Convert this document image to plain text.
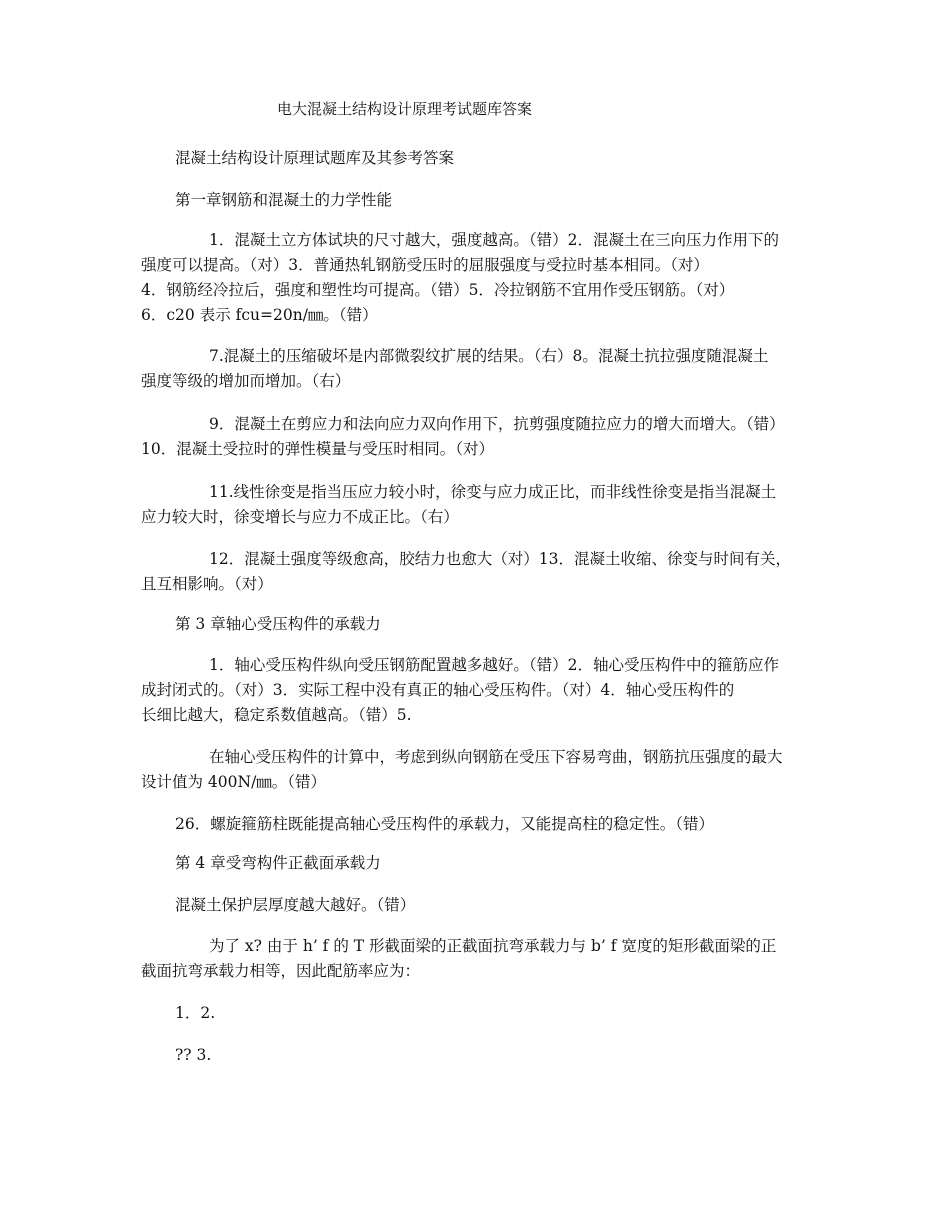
电大混凝土结构设计原理考试题库答案

混凝土结构设计原理试题库及其参考答案

第一章钢筋和混凝土的力学性能

1．混凝土立方体试块的尺寸越大，强度越高。（错）2．混凝土在三向压力作用下的
强度可以提高。（对）3．普通热轧钢筋受压时的屈服强度与受拉时基本相同。（对）
4．钢筋经冷拉后，强度和塑性均可提高。（错）5．冷拉钢筋不宜用作受压钢筋。（对）
6．c20 表示 fcu=20n/㎜。（错）
7.混凝土的压缩破坏是内部微裂纹扩展的结果。（右）8。混凝土抗拉强度随混凝土
强度等级的增加而增加。（右）
9．混凝土在剪应力和法向应力双向作用下，抗剪强度随拉应力的增大而增大。（错）
10．混凝土受拉时的弹性模量与受压时相同。（对）
11.线性徐变是指当压应力较小时，徐变与应力成正比，而非线性徐变是指当混凝土
应力较大时，徐变增长与应力不成正比。（右）
12．混凝土强度等级愈高，胶结力也愈大（对）13．混凝土收缩、徐变与时间有关，
且互相影响。（对）

第 3 章轴心受压构件的承载力

1．轴心受压构件纵向受压钢筋配置越多越好。（错）2．轴心受压构件中的箍筋应作
成封闭式的。（对）3．实际工程中没有真正的轴心受压构件。（对）4．轴心受压构件的
长细比越大，稳定系数值越高。（错）5.
在轴心受压构件的计算中，考虑到纵向钢筋在受压下容易弯曲，钢筋抗压强度的最大
设计值为 400N/㎜。（错）

26．螺旋箍筋柱既能提高轴心受压构件的承载力，又能提高柱的稳定性。（错）

第 4 章受弯构件正截面承载力

混凝土保护层厚度越大越好。（错）

为了 x? 由于 h’ f 的 T 形截面梁的正截面抗弯承载力与 b’ f 宽度的矩形截面梁的正
截面抗弯承载力相等，因此配筋率应为：

1．2.

?? 3.
